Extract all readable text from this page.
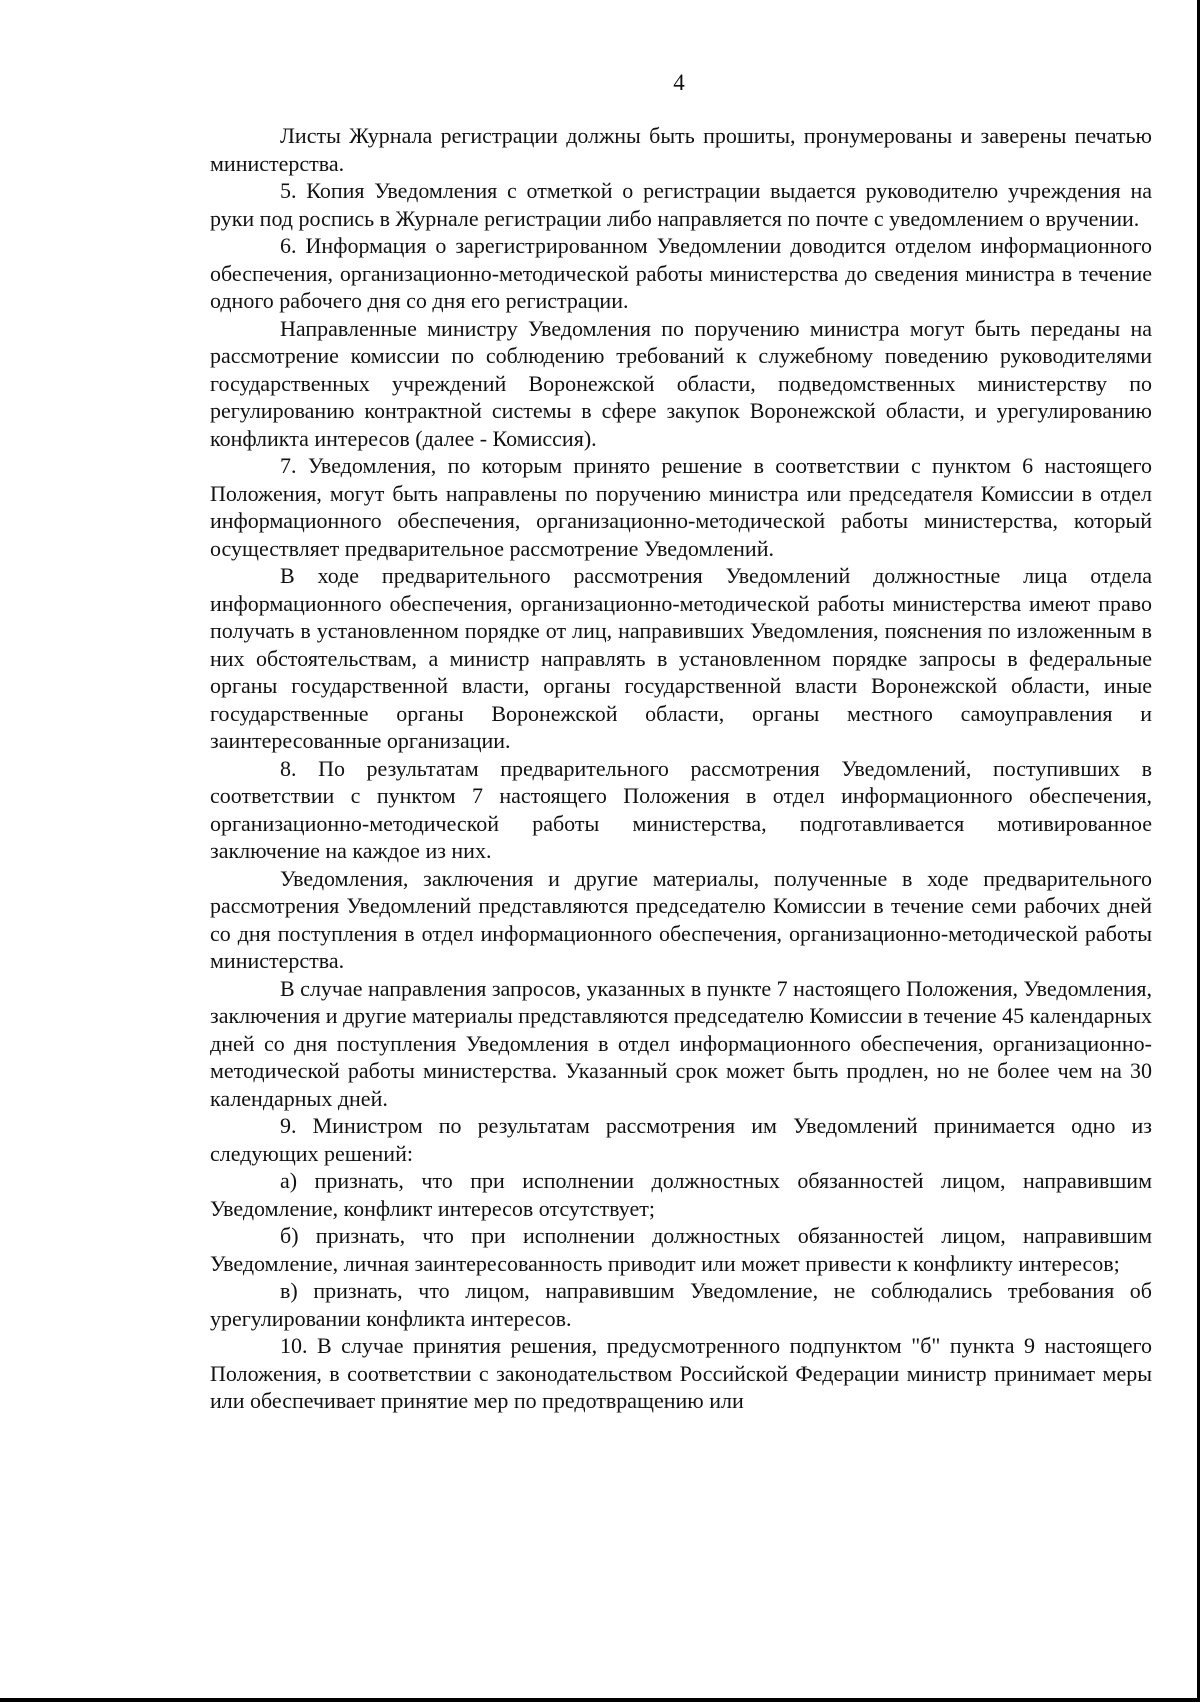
4

Листы Журнала регистрации должны быть прошиты, пронумерованы и заверены печатью министерства.

5. Копия Уведомления с отметкой о регистрации выдается руководителю учреждения на руки под роспись в Журнале регистрации либо направляется по почте с уведомлением о вручении.

6. Информация о зарегистрированном Уведомлении доводится отделом информационного обеспечения, организационно-методической работы министерства до сведения министра в течение одного рабочего дня со дня его регистрации.

Направленные министру Уведомления по поручению министра могут быть переданы на рассмотрение комиссии по соблюдению требований к служебному поведению руководителями государственных учреждений Воронежской области, подведомственных министерству по регулированию контрактной системы в сфере закупок Воронежской области, и урегулированию конфликта интересов (далее - Комиссия).

7. Уведомления, по которым принято решение в соответствии с пунктом 6 настоящего Положения, могут быть направлены по поручению министра или председателя Комиссии в отдел информационного обеспечения, организационно-методической работы министерства, который осуществляет предварительное рассмотрение Уведомлений.

В ходе предварительного рассмотрения Уведомлений должностные лица отдела информационного обеспечения, организационно-методической работы министерства имеют право получать в установленном порядке от лиц, направивших Уведомления, пояснения по изложенным в них обстоятельствам, а министр направлять в установленном порядке запросы в федеральные органы государственной власти, органы государственной власти Воронежской области, иные государственные органы Воронежской области, органы местного самоуправления и заинтересованные организации.

8. По результатам предварительного рассмотрения Уведомлений, поступивших в соответствии с пунктом 7 настоящего Положения в отдел информационного обеспечения, организационно-методической работы министерства, подготавливается мотивированное заключение на каждое из них.

Уведомления, заключения и другие материалы, полученные в ходе предварительного рассмотрения Уведомлений представляются председателю Комиссии в течение семи рабочих дней со дня поступления в отдел информационного обеспечения, организационно-методической работы министерства.

В случае направления запросов, указанных в пункте 7 настоящего Положения, Уведомления, заключения и другие материалы представляются председателю Комиссии в течение 45 календарных дней со дня поступления Уведомления в отдел информационного обеспечения, организационно-методической работы министерства. Указанный срок может быть продлен, но не более чем на 30 календарных дней.

9. Министром по результатам рассмотрения им Уведомлений принимается одно из следующих решений:

а) признать, что при исполнении должностных обязанностей лицом, направившим Уведомление, конфликт интересов отсутствует;

б) признать, что при исполнении должностных обязанностей лицом, направившим Уведомление, личная заинтересованность приводит или может привести к конфликту интересов;

в) признать, что лицом, направившим Уведомление, не соблюдались требования об урегулировании конфликта интересов.

10. В случае принятия решения, предусмотренного подпунктом "б" пункта 9 настоящего Положения, в соответствии с законодательством Российской Федерации министр принимает меры или обеспечивает принятие мер по предотвращению или
